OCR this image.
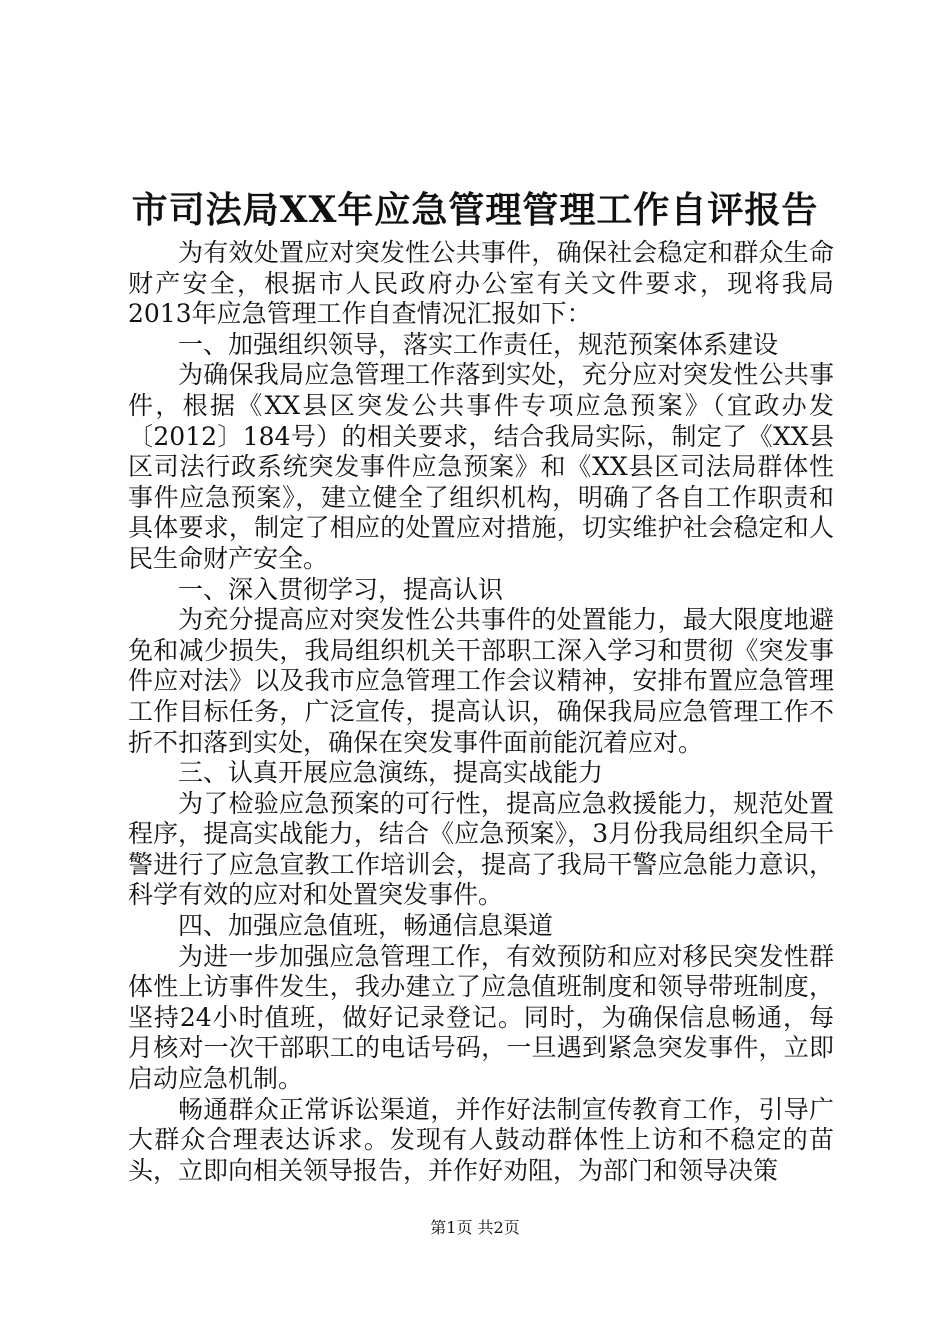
市司法局XX年应急管理管理工作自评报告

为有效处置应对突发性公共事件，确保社会稳定和群众生命财产安全，根据市人民政府办公室有关文件要求，现将我局2013年应急管理工作自查情况汇报如下：

一、加强组织领导，落实工作责任，规范预案体系建设

为确保我局应急管理工作落到实处，充分应对突发性公共事件，根据《XX县区突发公共事件专项应急预案》（宜政办发〔2012〕184号）的相关要求，结合我局实际，制定了《XX县区司法行政系统突发事件应急预案》和《XX县区司法局群体性事件应急预案》，建立健全了组织机构，明确了各自工作职责和具体要求，制定了相应的处置应对措施，切实维护社会稳定和人民生命财产安全。

一、深入贯彻学习，提高认识

为充分提高应对突发性公共事件的处置能力，最大限度地避免和减少损失，我局组织机关干部职工深入学习和贯彻《突发事件应对法》以及我市应急管理工作会议精神，安排布置应急管理工作目标任务，广泛宣传，提高认识，确保我局应急管理工作不折不扣落到实处，确保在突发事件面前能沉着应对。

三、认真开展应急演练，提高实战能力

为了检验应急预案的可行性，提高应急救援能力，规范处置程序，提高实战能力，结合《应急预案》，3月份我局组织全局干警进行了应急宣教工作培训会，提高了我局干警应急能力意识，科学有效的应对和处置突发事件。

四、加强应急值班，畅通信息渠道

为进一步加强应急管理工作，有效预防和应对移民突发性群体性上访事件发生，我办建立了应急值班制度和领导带班制度，坚持24小时值班，做好记录登记。同时，为确保信息畅通，每月核对一次干部职工的电话号码，一旦遇到紧急突发事件，立即启动应急机制。

畅通群众正常诉讼渠道，并作好法制宣传教育工作，引导广大群众合理表达诉求。发现有人鼓动群体性上访和不稳定的苗头，立即向相关领导报告，并作好劝阻，为部门和领导决策

第1页 共2页
